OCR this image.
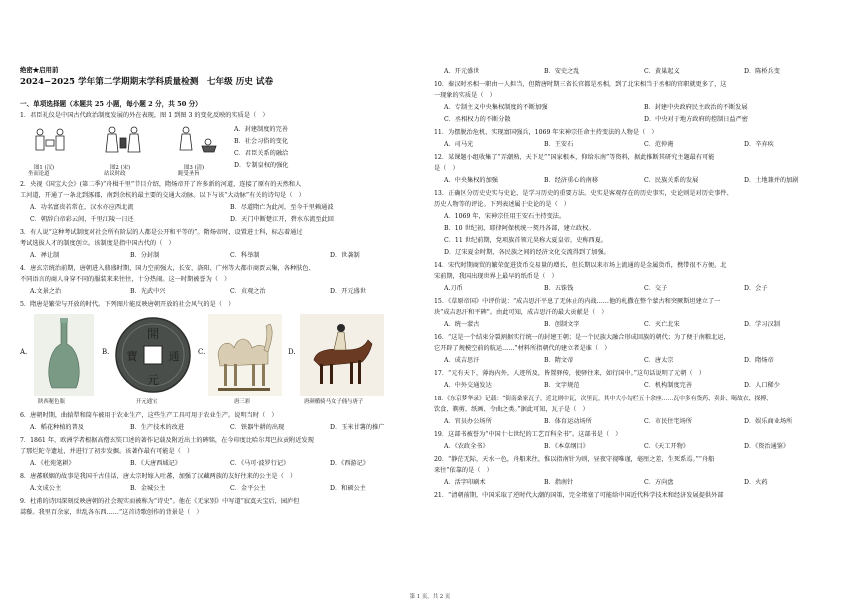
绝密★启用前
2024−2025 学年第二学期期末学科质量检测　七年级 历史 试卷
一、单项选择题（本题共 25 小题，每小题 2 分，共 50 分）
1．君臣礼仪是中国古代政治制度发展的外在表现，图 1 到图 3 的变化反映的实质是（　）
图1 (汉)
坐而论道
图2 (宋)
站议时政
图3 (清)
跪受圣旨
A．封建制度的完善
B．社会习俗的变化
C．君臣关系的融洽
D．专制皇权的强化
2．央视《国宝大会》(第二季)“舟楫千里”节目介绍，隋炀帝开了许多新的河道，连接了原有的天然和人
工河道，开通了一条北到涿郡，南到余杭的最主要的交通大动脉。以下与该“大动脉”有关的诗句是（　）
A．功名富贵若常在，汉水亦应西北流	B．尽道隋亡为此河，至今千里赖通波
C．朝辞白帝彩云间，千里江陵一日还	D．天门中断楚江开，碧水东流至此回
3．有人说“这种考试制度对社会所有阶层的人都是公开和平等的”。隋炀帝时，设置进士科，标志着通过
考试选拔人才的制度创立。该制度是指中国古代的（　）
A．禅让制	B．分封制	C．科举制	D．世袭制
4．唐玄宗统治前期，唐朝进入鼎盛时期，国力空前强大，长安、洛阳、广州等大都市商贾云集，各种肤色、
不同语言的商人身穿不同的服装来来往往，十分热闹。这一时期被誉为（　）
A.文景之治	B．光武中兴	C．贞观之治	D．开元盛世
5．隋唐是繁荣与开放的时代。下列图片能反映唐朝开放的社会风气的是（　）
A.
陕西秘色瓶
B.
開
元
通
寶
开元通宝
C.
唐三彩
D.
唐颜楯骑马女子俑与唐子
6．唐朝时期，曲辕犁和筒车被用于农业生产，这些生产工具可用于农业生产。说明当时（　）
A．稻花种植的普及	B．生产技术的改进	C．铁器牛耕的出现	D．玉米甘薯的推广
7．1861 年，欧洲学者根据高僧玄奘口述的著作记载及附近出土的碑铭，在今印度比哈尔邦巴拉贡附近发现
了那烂陀寺遗址，并进行了初步发掘。该著作最有可能是（　）
A．《杜苑笔耕》	B．《大唐西域记》	C．《马可·波罗行记》	D．《西游记》
8．唐蕃联姻的故事是我国千古佳话，唐太宗时嫁入吐蕃，加强了汉藏两族的友好往来的公主是（　）
A.文成公主	B．金城公主	C．金平公主	D．和硕公主
9．杜甫的诗因深刻反映唐朝的社会现实而被称为“诗史”。他在《无家别》中写道“寂寞天宝后，园庐但
蒿藜。我里百余家，世乱各东西……”这首诗歌创作的背景是（　）
A．开元盛世	B．安史之乱	C．黄巢起义	D．陈桥兵变
10．秦汉时丞相一职由一人担当，但隋唐时期三省长官都是丞相，到了北宋相当于丞相的官职就更多了，这
一现象的实质是（　）
A．专制主义中央集权制度的不断加强	B．封建中央政府民主政治的不断发展
C．丞相权力的不断分散	D．中央对于地方政府的控制日益严密
11．为摆脱治危机、实现富国强兵，1069 年宋神宗任命主持变法的人物是（　）
A．司马光	B．王安石	C．范仲淹	D．辛弃疾
12．某课题小组收集了“弄潮熟，天下足”“国家根本，仰给东南”等资料，据此推断其研究主题最有可能
是（　）
A．中央集权的加强	B．经济重心的南移	C．民族关系的发展	D．土地兼并的加剧
13．正确区分历史史实与史论，是学习历史的重要方法。史实是客观存在的历史事实，史论则是对历史事件、
历史人物等的评论。下列表述属于史论的是（　）
A．1069 年，宋神宗任用王安石主持变法。
B．10 世纪初，耶律阿保机统一契丹各部，建立政权。
C．11 世纪前期，党项族首领元昊称大夏皇帝，史称西夏。
D．辽宋夏金时期，各民族之间的经济文化交流得到了加强。
14．宋代时期商贸的繁荣促进货币交易量的增长，但长期以来市场上流通的是金属货币，携带很不方便。北
宋前期，我国出现世界上最早的纸币是（　）
A.刀币	B．五铢钱	C．交子	D．会子
15．《草原帝国》中评价说：“成吉思汗平息了无休止的内战……他的札撒在整个蒙古和突厥斯坦建立了一
块“成吉思汗和平碑”。由此可知，成吉思汗的最大贡献是（　）
A．统一蒙古	B．创制文字	C．灭亡北宋	D．学习汉制
16．“这是一个结束分裂割据实行统一的封建王朝；是一个民族大融合形成回族的朝代；为了便于南粮北运，
它开辟了规模空前的航运……”材料所指朝代的建立者是谁（　）
A．成吉思汗	B．隋文帝	C．唐太宗	D．隋炀帝
17．“元有天下，薄海内外，人迹所及，皆置驿传，使驿往来，如行国中。”这句话说明了元朝（　）
A．中外交通发达	B．文字规范	C．机构制度完善	D．人口稀少
18．《东京梦华录》记载：“街南桑家瓦子，近北则中瓦，次里瓦，其中大小勾栏五十余座……瓦中多有货药、卖卦、喝故衣、探搏、
饮食、剃剪、纸画、令曲之类。”据此可知，瓦子是（　）
A．官员办公场所	B．体育运动场所	C．市民住宅场所	D．娱乐商业场所
19．这部书被誉为“中国十七世纪的工艺百科全书”。这部书是（　）
A．《农政全书》	B．《本草纲目》	C．《天工开物》	D．《资治通鉴》
20．“静茫无际，天水一色，舟船来往，惟以指南针为则，昼夜守视唯谨，毫厘之差，生死系焉。”“舟船
来往”依靠的是（　）
A．活字印刷术	B．指南针	C．方向盘	D．火药
21．“清朝前期，中国采取了逆时代大潮的国策，完全堵塞了可能给中国近代科学技术和经济发展提供外部
第 1 页，共 2 页
